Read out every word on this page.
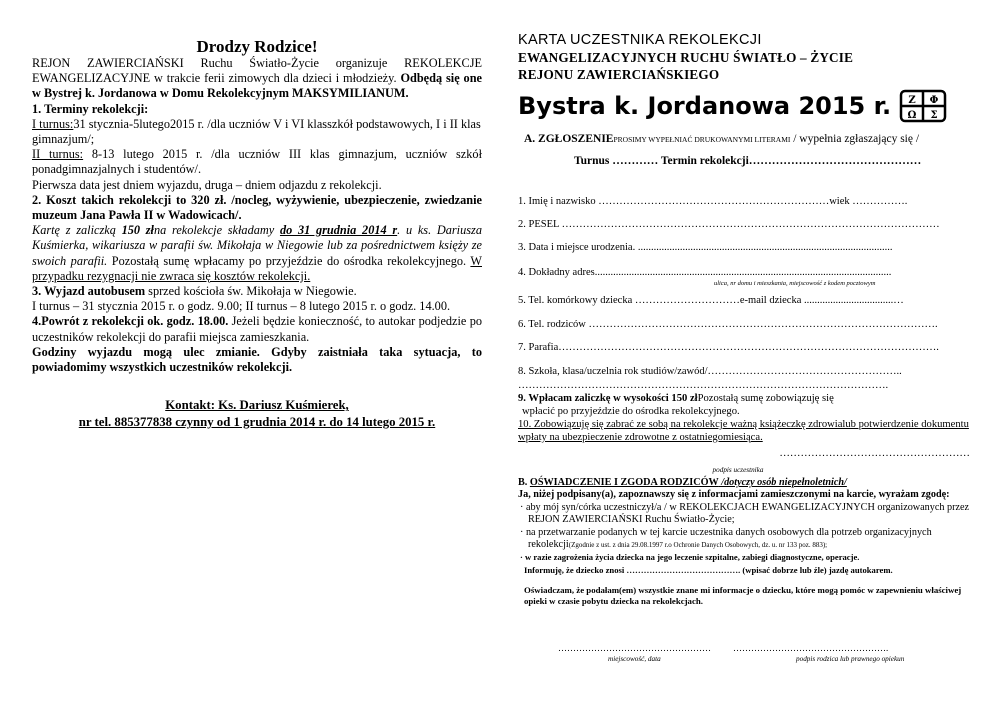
Drodzy Rodzice!

REJON ZAWIERCIAŃSKI Ruchu Światło-Życie organizuje REKOLEKCJE EWANGELIZACYJNE w trakcie ferii zimowych dla dzieci i młodzieży. Odbędą się one w Bystrej k. Jordanowa w Domu Rekolekcyjnym MAKSYMILIANUM.

1. Terminy rekolekcji:

I turnus:31 stycznia-5lutego2015 r. /dla uczniów V i VI klasszkół podstawowych, I i II klas gimnazjum/;

II turnus: 8-13 lutego 2015 r. /dla uczniów III klas gimnazjum, uczniów szkół ponadgimnazjalnych i studentów/.

Pierwsza data jest dniem wyjazdu, druga – dniem odjazdu z rekolekcji.

2. Koszt takich rekolekcji to 320 zł. /nocleg, wyżywienie, ubezpieczenie, zwiedzanie muzeum Jana Pawła II w Wadowicach/.

Kartę z zaliczką 150 złna rekolekcje składamy do 31 grudnia 2014 r. u ks. Dariusza Kuśmierka, wikariusza w parafii św. Mikołaja w Niegowie lub za pośrednictwem księży ze swoich parafii. Pozostałą sumę wpłacamy po przyjeździe do ośrodka rekolekcyjnego. W przypadku rezygnacji nie zwraca się kosztów rekolekcji.

3. Wyjazd autobusem sprzed kościoła św. Mikołaja w Niegowie.

I turnus – 31 stycznia 2015 r. o godz. 9.00; II turnus – 8 lutego 2015 r. o godz. 14.00.

4.Powrót z rekolekcji ok. godz. 18.00. Jeżeli będzie konieczność, to autokar podjedzie po uczestników rekolekcji do parafii miejsca zamieszkania.

Godziny wyjazdu mogą ulec zmianie. Gdyby zaistniała taka sytuacja, to powiadomimy wszystkich uczestników rekolekcji.

Kontakt: Ks. Dariusz Kuśmierek,
nr tel. 885377838 czynny od 1 grudnia 2014 r. do 14 lutego 2015 r.
KARTA UCZESTNIKA REKOLEKCJI
EWANGELIZACYJNYCH RUCHU ŚWIATŁO – ŻYCIE
REJONU ZAWIERCIAŃSKIEGO
Bystra k. Jordanowa 2015 r. Z Φ
Ω Σ
A. ZGŁOSZENIEPROSIMY WYPEŁNIAĆ DRUKOWANYMI LITERAMI / wypełnia zgłaszający się /
Turnus ………… Termin rekolekcji………………………………………
1. Imię i nazwisko …………………………………………………………wiek …………….
2. PESEL ………………………………………………………………………………………………
3. Data i miejsce urodzenia. .................................................................................................
4. Dokładny adres.................................................................................................................
ulica, nr domu i mieszkania, miejscowość z kodem pocztowym
5. Tel. komórkowy dziecka …………………………e-mail dziecka ..................................…
6. Tel. rodziców ……………………………………………………………………………………….
7. Parafia……………………………………………………………………………………………….
8. Szkoła, klasa/uczelnia rok studiów/zawód/………………………………………………..
…………………………………………………………………………………………….
9. Wpłacam zaliczkę w wysokości 150 złPozostałą sumę zobowiązuję się
wpłacić po przyjeździe do ośrodka rekolekcyjnego.
10. Zobowiązuję się zabrać ze sobą na rekolekcje ważną książeczkę zdrowialub potwierdzenie dokumentu wpłaty na ubezpieczenie zdrowotne z ostatniegomiesiąca.
………………………………………………
podpis uczestnika

B. OŚWIADCZENIE I ZGODA RODZICÓW /dotyczy osób niepełnoletnich/

Ja, niżej podpisany(a), zapoznawszy się z informacjami zamieszczonymi na karcie, wyrażam zgodę:

· aby mój syn/córka uczestniczył/a / w REKOLEKCJACH EWANGELIZACYJNYCH organizowanych przez REJON ZAWIERCIAŃSKI Ruchu Światło-Życie;

· na przetwarzanie podanych w tej karcie uczestnika danych osobowych dla potrzeb organizacyjnych rekolekcji(Zgodnie z ust. z dnia 29.08.1997 r.o Ochronie Danych Osobowych, dz. u. nr 133 poz. 883);

· w razie zagrożenia życia dziecka na jego leczenie szpitalne, zabiegi diagnostyczne, operacje.

Informuję, że dziecko znosi …………………………………. (wpisać dobrze lub źle) jazdę autokarem.

Oświadczam, że podałam(em) wszystkie znane mi informacje o dziecku, które mogą pomóc w zapewnieniu właściwej opieki w czasie pobytu dziecka na rekolekcjach.

…………………………………………… …………………………………………….
miejscowość, data	podpis rodzica lub prawnego opiekun
